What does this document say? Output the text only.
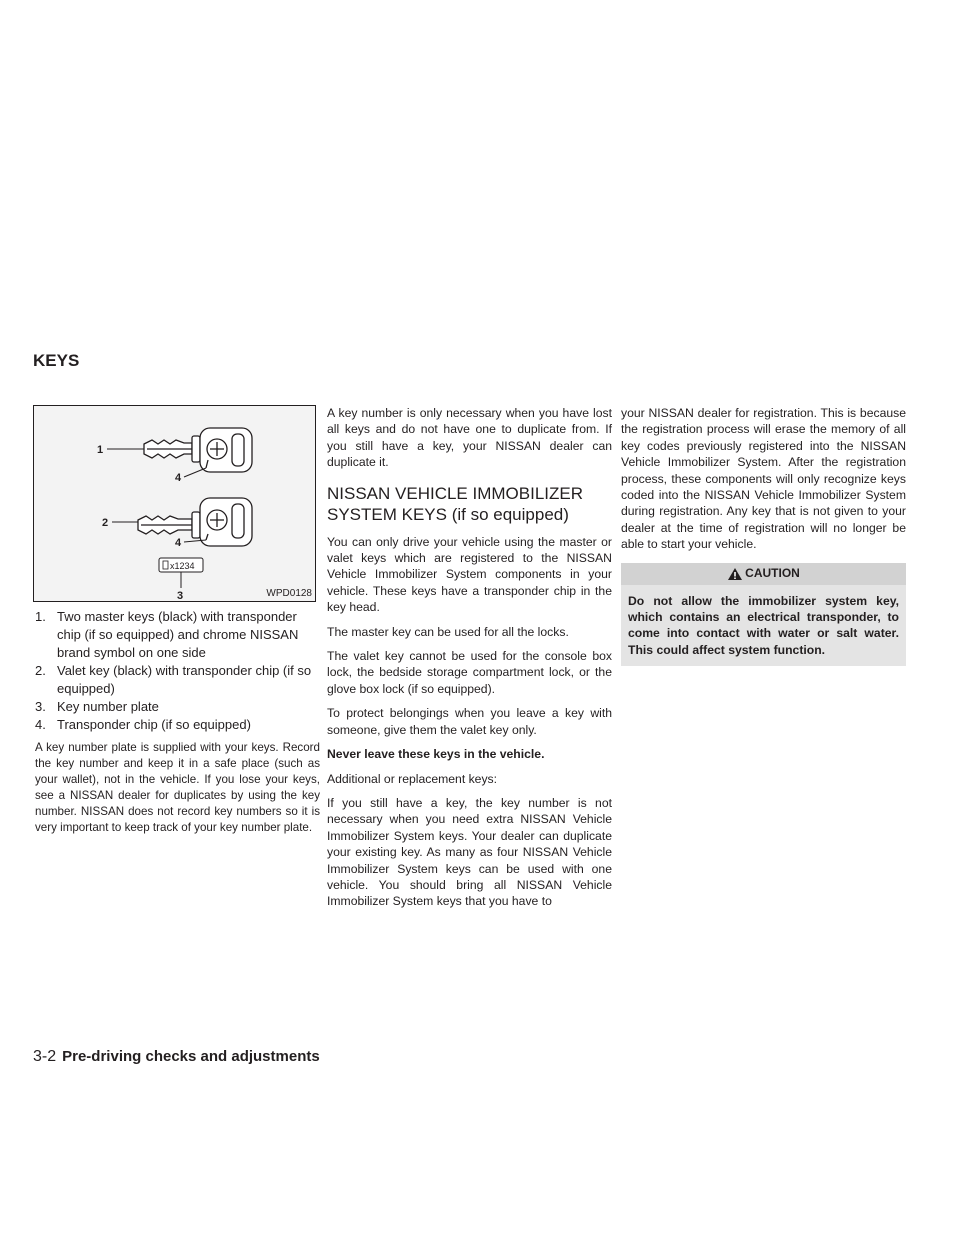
KEYS
1
4
2
4
x1234
3	WPD0128
1. Two master keys (black) with transponder chip (if so equipped) and chrome NISSAN brand symbol on one side
2. Valet key (black) with transponder chip (if so equipped)
3. Key number plate
4. Transponder chip (if so equipped)

A key number plate is supplied with your keys. Record the key number and keep it in a safe place (such as your wallet), not in the vehicle. If you lose your keys, see a NISSAN dealer for duplicates by using the key number. NISSAN does not record key numbers so it is very important to keep track of your key number plate.

A key number is only necessary when you have lost all keys and do not have one to duplicate from. If you still have a key, your NISSAN dealer can duplicate it.

NISSAN VEHICLE IMMOBILIZER SYSTEM KEYS (if so equipped)

You can only drive your vehicle using the master or valet keys which are registered to the NISSAN Vehicle Immobilizer System components in your vehicle. These keys have a transponder chip in the key head.

The master key can be used for all the locks.

The valet key cannot be used for the console box lock, the bedside storage compartment lock, or the glove box lock (if so equipped).

To protect belongings when you leave a key with someone, give them the valet key only.

Never leave these keys in the vehicle.

Additional or replacement keys:

If you still have a key, the key number is not necessary when you need extra NISSAN Vehicle Immobilizer System keys. Your dealer can duplicate your existing key. As many as four NISSAN Vehicle Immobilizer System keys can be used with one vehicle. You should bring all NISSAN Vehicle Immobilizer System keys that you have to

your NISSAN dealer for registration. This is because the registration process will erase the memory of all key codes previously registered into the NISSAN Vehicle Immobilizer System. After the registration process, these components will only recognize keys coded into the NISSAN Vehicle Immobilizer System during registration. Any key that is not given to your dealer at the time of registration will no longer be able to start your vehicle.

CAUTION
Do not allow the immobilizer system key, which contains an electrical transponder, to come into contact with water or salt water. This could affect system function.
3-2 Pre-driving checks and adjustments
